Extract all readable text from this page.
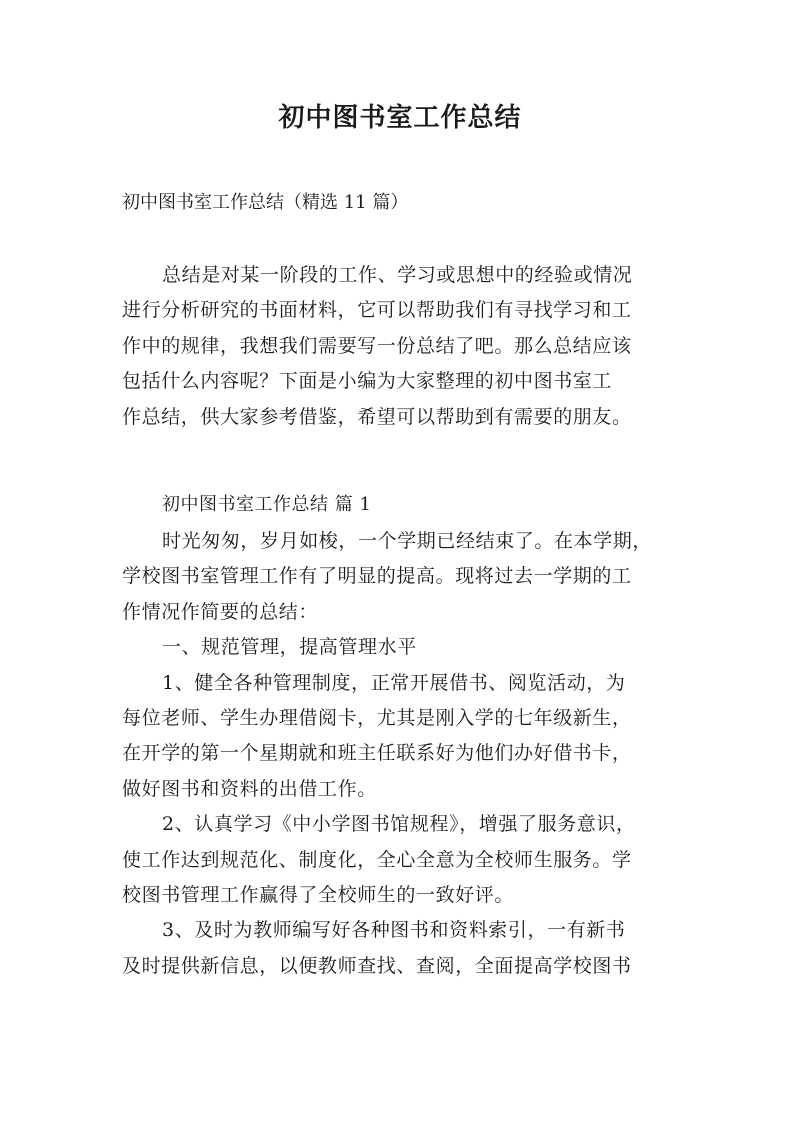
初中图书室工作总结
初中图书室工作总结（精选 11 篇）
总结是对某一阶段的工作、学习或思想中的经验或情况
进行分析研究的书面材料，它可以帮助我们有寻找学习和工
作中的规律，我想我们需要写一份总结了吧。那么总结应该
包括什么内容呢？下面是小编为大家整理的初中图书室工
作总结，供大家参考借鉴，希望可以帮助到有需要的朋友。
初中图书室工作总结 篇 1
时光匆匆，岁月如梭，一个学期已经结束了。在本学期，
学校图书室管理工作有了明显的提高。现将过去一学期的工
作情况作简要的总结：
一、规范管理，提高管理水平
1、健全各种管理制度，正常开展借书、阅览活动，为
每位老师、学生办理借阅卡，尤其是刚入学的七年级新生，
在开学的第一个星期就和班主任联系好为他们办好借书卡，
做好图书和资料的出借工作。
2、认真学习《中小学图书馆规程》，增强了服务意识，
使工作达到规范化、制度化，全心全意为全校师生服务。学
校图书管理工作赢得了全校师生的一致好评。
3、及时为教师编写好各种图书和资料索引，一有新书
及时提供新信息，以便教师查找、查阅，全面提高学校图书
